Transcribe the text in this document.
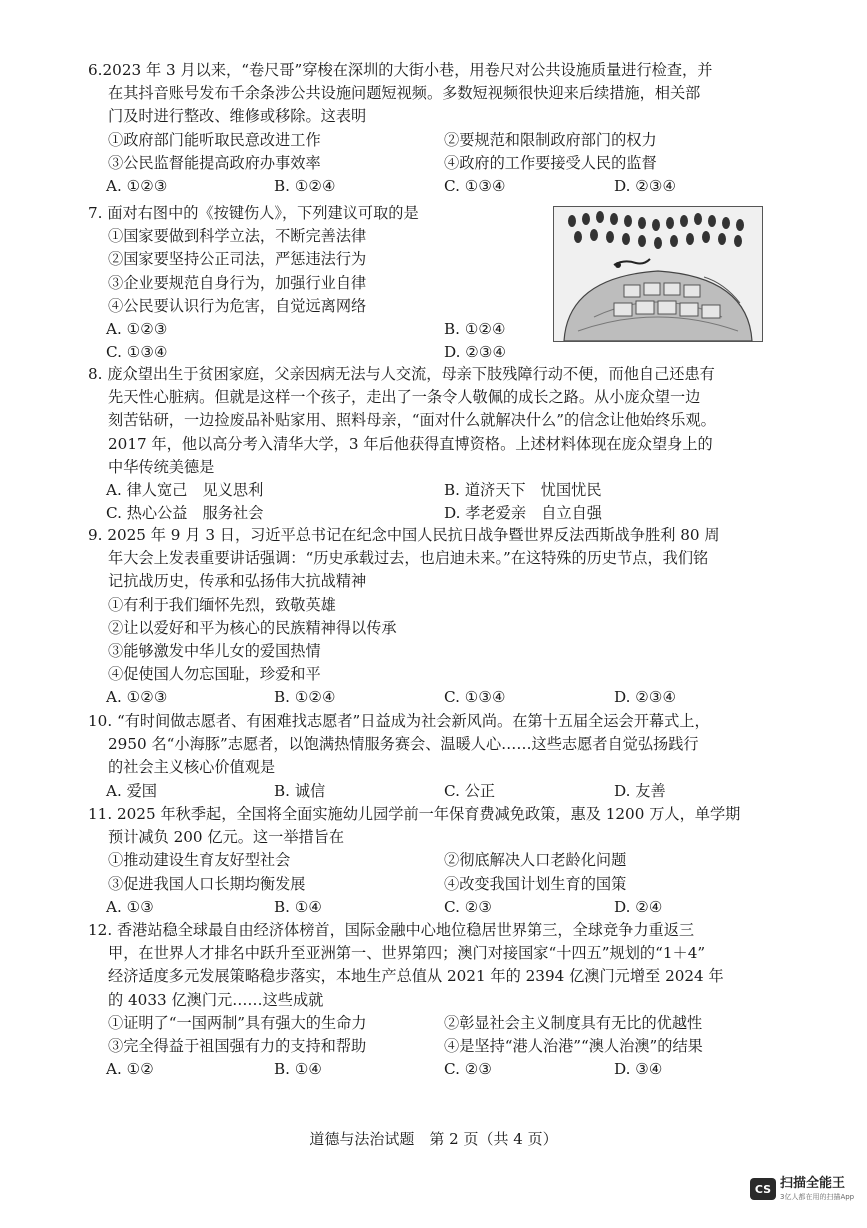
6.2023 年 3 月以来，“卷尺哥”穿梭在深圳的大街小巷，用卷尺对公共设施质量进行检查，并
在其抖音账号发布千余条涉公共设施问题短视频。多数短视频很快迎来后续措施，相关部
门及时进行整改、维修或移除。这表明
①政府部门能听取民意改进工作	②要规范和限制政府部门的权力
③公民监督能提高政府办事效率	④政府的工作要接受人民的监督
A. ①②③	B. ①②④	C. ①③④	D. ②③④
7. 面对右图中的《按键伤人》，下列建议可取的是
①国家要做到科学立法，不断完善法律
②国家要坚持公正司法，严惩违法行为
③企业要规范自身行为，加强行业自律
④公民要认识行为危害，自觉远离网络
A. ①②③	B. ①②④
C. ①③④	D. ②③④
8. 庞众望出生于贫困家庭，父亲因病无法与人交流，母亲下肢残障行动不便，而他自己还患有
先天性心脏病。但就是这样一个孩子，走出了一条令人敬佩的成长之路。从小庞众望一边
刻苦钻研，一边捡废品补贴家用、照料母亲，“面对什么就解决什么”的信念让他始终乐观。
2017 年，他以高分考入清华大学，3 年后他获得直博资格。上述材料体现在庞众望身上的
中华传统美德是
A. 律人宽己　见义思利	B. 道济天下　忧国忧民
C. 热心公益　服务社会	D. 孝老爱亲　自立自强
9. 2025 年 9 月 3 日，习近平总书记在纪念中国人民抗日战争暨世界反法西斯战争胜利 80 周
年大会上发表重要讲话强调：“历史承载过去，也启迪未来。”在这特殊的历史节点，我们铭
记抗战历史，传承和弘扬伟大抗战精神
①有利于我们缅怀先烈，致敬英雄
②让以爱好和平为核心的民族精神得以传承
③能够激发中华儿女的爱国热情
④促使国人勿忘国耻，珍爱和平
A. ①②③	B. ①②④	C. ①③④	D. ②③④
10. “有时间做志愿者、有困难找志愿者”日益成为社会新风尚。在第十五届全运会开幕式上，
2950 名“小海豚”志愿者，以饱满热情服务赛会、温暖人心……这些志愿者自觉弘扬践行
的社会主义核心价值观是
A. 爱国	B. 诚信	C. 公正	D. 友善
11. 2025 年秋季起，全国将全面实施幼儿园学前一年保育费减免政策，惠及 1200 万人，单学期
预计减负 200 亿元。这一举措旨在
①推动建设生育友好型社会	②彻底解决人口老龄化问题
③促进我国人口长期均衡发展	④改变我国计划生育的国策
A. ①③	B. ①④	C. ②③	D. ②④
12. 香港站稳全球最自由经济体榜首，国际金融中心地位稳居世界第三，全球竞争力重返三
甲，在世界人才排名中跃升至亚洲第一、世界第四；澳门对接国家“十四五”规划的“1＋4”
经济适度多元发展策略稳步落实，本地生产总值从 2021 年的 2394 亿澳门元增至 2024 年
的 4033 亿澳门元……这些成就
①证明了“一国两制”具有强大的生命力	②彰显社会主义制度具有无比的优越性
③完全得益于祖国强有力的支持和帮助	④是坚持“港人治港”“澳人治澳”的结果
A. ①②	B. ①④	C. ②③	D. ③④
道德与法治试题　第 2 页（共 4 页）
CS 扫描全能王
3亿人都在用的扫描App
